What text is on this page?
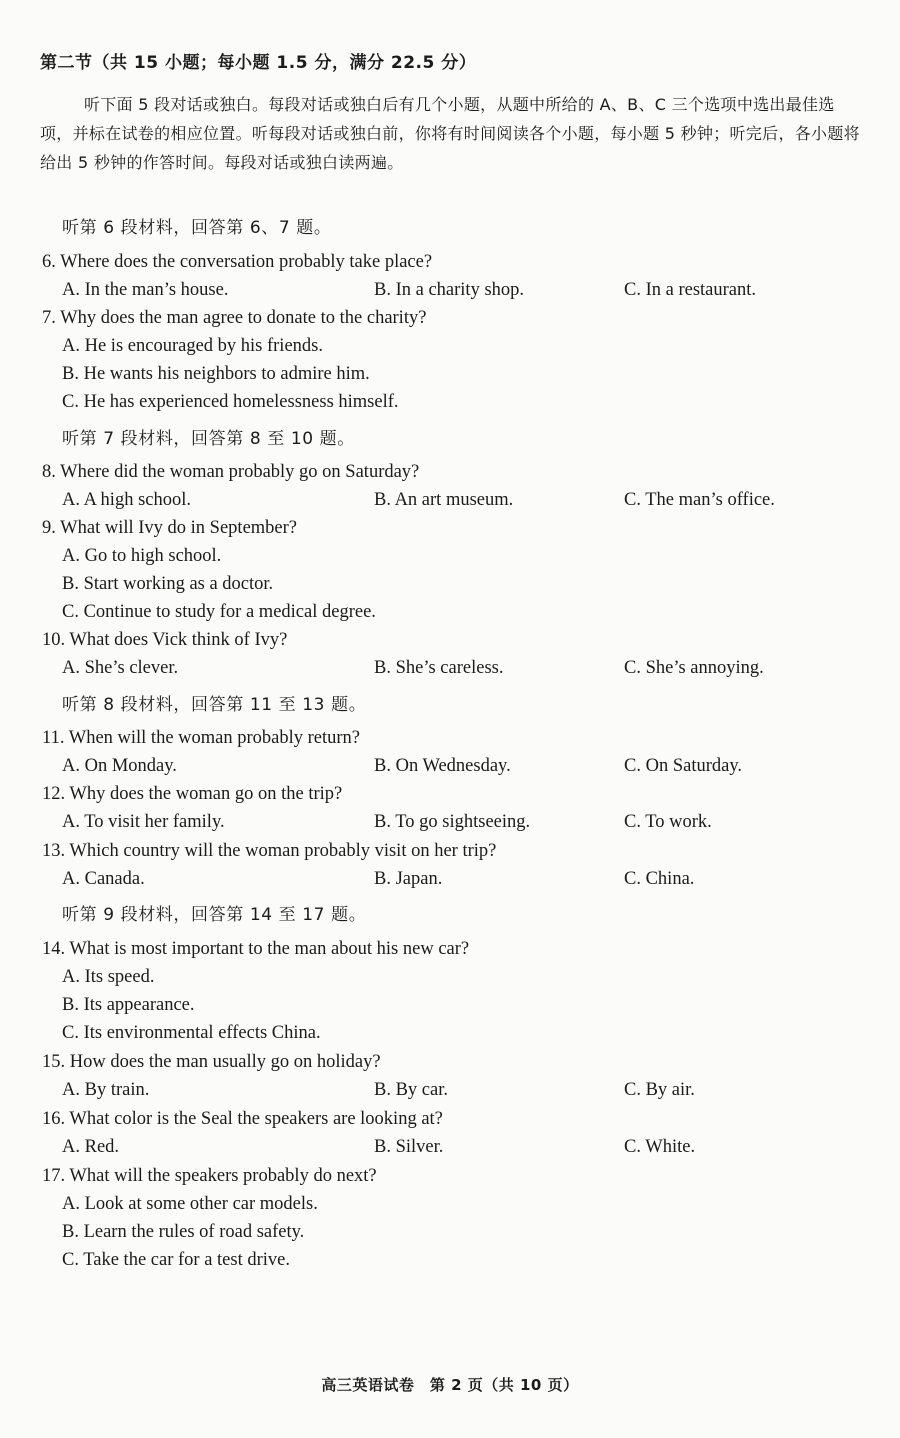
第二节（共 15 小题；每小题 1.5 分，满分 22.5 分）

听下面 5 段对话或独白。每段对话或独白后有几个小题，从题中所给的 A、B、C 三个选项中选出最佳选项，并标在试卷的相应位置。听每段对话或独白前，你将有时间阅读各个小题，每小题 5 秒钟；听完后，各小题将给出 5 秒钟的作答时间。每段对话或独白读两遍。

听第 6 段材料，回答第 6、7 题。
6. Where does the conversation probably take place?
A. In the man’s house.	B. In a charity shop.	C. In a restaurant.
7. Why does the man agree to donate to the charity?
A. He is encouraged by his friends.
B. He wants his neighbors to admire him.
C. He has experienced homelessness himself.
听第 7 段材料，回答第 8 至 10 题。
8. Where did the woman probably go on Saturday?
A. A high school.	B. An art museum.	C. The man’s office.
9. What will Ivy do in September?
A. Go to high school.
B. Start working as a doctor.
C. Continue to study for a medical degree.
10. What does Vick think of Ivy?
A. She’s clever.	B. She’s careless.	C. She’s annoying.
听第 8 段材料，回答第 11 至 13 题。
11. When will the woman probably return?
A. On Monday.	B. On Wednesday.	C. On Saturday.
12. Why does the woman go on the trip?
A. To visit her family.	B. To go sightseeing.	C. To work.
13. Which country will the woman probably visit on her trip?
A. Canada.	B. Japan.	C. China.
听第 9 段材料，回答第 14 至 17 题。
14. What is most important to the man about his new car?
A. Its speed.
B. Its appearance.
C. Its environmental effects China.
15. How does the man usually go on holiday?
A. By train.	B. By car.	C. By air.
16. What color is the Seal the speakers are looking at?
A. Red.	B. Silver.	C. White.
17. What will the speakers probably do next?
A. Look at some other car models.
B. Learn the rules of road safety.
C. Take the car for a test drive.
高三英语试卷　第 2 页（共 10 页）
